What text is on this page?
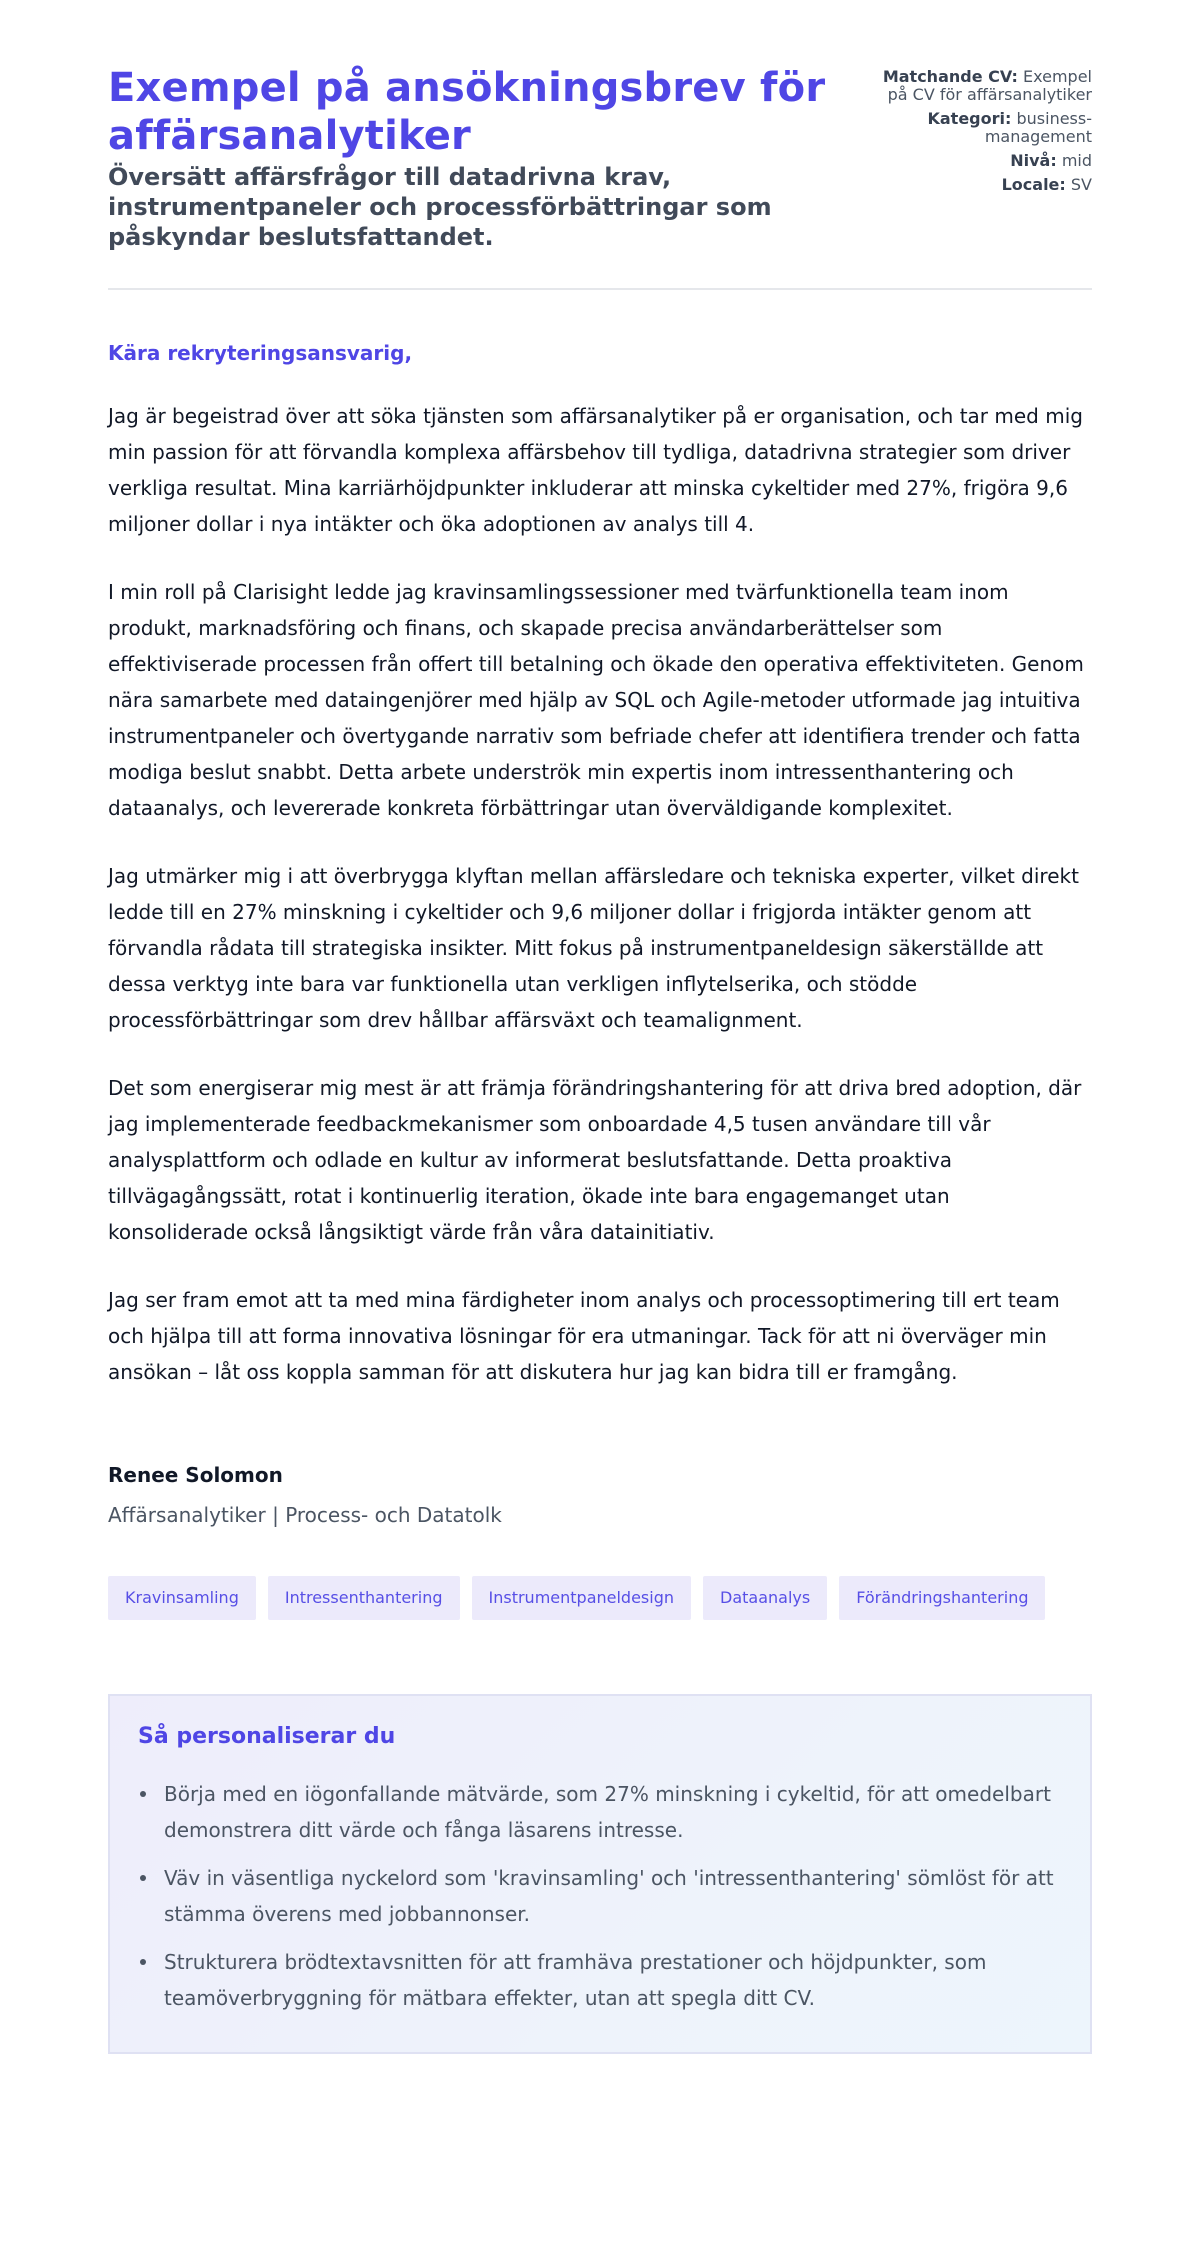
Exempel på ansökningsbrev för affärsanalytiker
Översätt affärsfrågor till datadrivna krav, instrumentpaneler och processförbättringar som påskyndar beslutsfattandet.
Matchande CV: Exempel på CV för affärsanalytiker
Kategori: business-management
Nivå: mid
Locale: SV

Kära rekryteringsansvarig,

Jag är begeistrad över att söka tjänsten som affärsanalytiker på er organisation, och tar med mig min passion för att förvandla komplexa affärsbehov till tydliga, datadrivna strategier som driver verkliga resultat. Mina karriärhöjdpunkter inkluderar att minska cykeltider med 27%, frigöra 9,6 miljoner dollar i nya intäkter och öka adoptionen av analys till 4.

I min roll på Clarisight ledde jag kravinsamlingssessioner med tvärfunktionella team inom produkt, marknadsföring och finans, och skapade precisa användarberättelser som effektiviserade processen från offert till betalning och ökade den operativa effektiviteten. Genom nära samarbete med dataingenjörer med hjälp av SQL och Agile-metoder utformade jag intuitiva instrumentpaneler och övertygande narrativ som befriade chefer att identifiera trender och fatta modiga beslut snabbt. Detta arbete underströk min expertis inom intressenthantering och dataanalys, och levererade konkreta förbättringar utan överväldigande komplexitet.

Jag utmärker mig i att överbrygga klyftan mellan affärsledare och tekniska experter, vilket direkt ledde till en 27% minskning i cykeltider och 9,6 miljoner dollar i frigjorda intäkter genom att förvandla rådata till strategiska insikter. Mitt fokus på instrumentpaneldesign säkerställde att dessa verktyg inte bara var funktionella utan verkligen inflytelserika, och stödde processförbättringar som drev hållbar affärsväxt och teamalignment.

Det som energiserar mig mest är att främja förändringshantering för att driva bred adoption, där jag implementerade feedbackmekanismer som onboardade 4,5 tusen användare till vår analysplattform och odlade en kultur av informerat beslutsfattande. Detta proaktiva tillvägagångssätt, rotat i kontinuerlig iteration, ökade inte bara engagemanget utan konsoliderade också långsiktigt värde från våra datainitiativ.

Jag ser fram emot att ta med mina färdigheter inom analys och processoptimering till ert team och hjälpa till att forma innovativa lösningar för era utmaningar. Tack för att ni överväger min ansökan – låt oss koppla samman för att diskutera hur jag kan bidra till er framgång.

Renee Solomon
Affärsanalytiker | Process- och Datatolk
Kravinsamling	Intressenthantering	Instrumentpaneldesign	Dataanalys	Förändringshantering
Så personaliserar du
Börja med en iögonfallande mätvärde, som 27% minskning i cykeltid, för att omedelbart demonstrera ditt värde och fånga läsarens intresse.
Väv in väsentliga nyckelord som 'kravinsamling' och 'intressenthantering' sömlöst för att stämma överens med jobbannonser.
Strukturera brödtextavsnitten för att framhäva prestationer och höjdpunkter, som teamöverbryggning för mätbara effekter, utan att spegla ditt CV.
